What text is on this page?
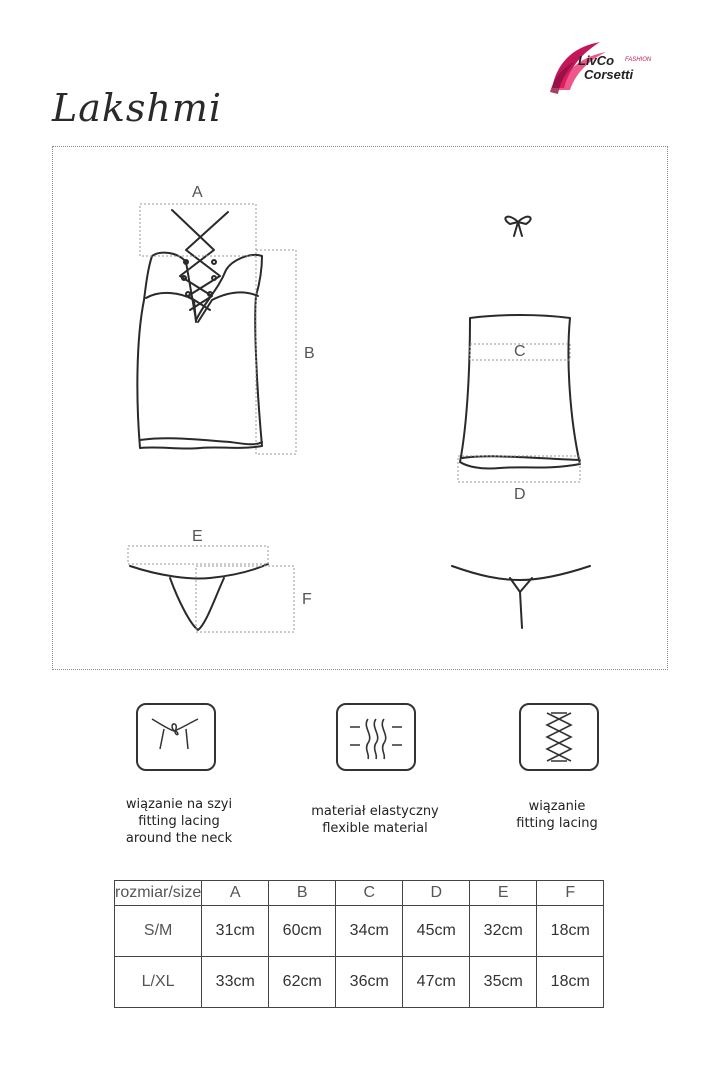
LivCo FASHION
Corsetti
Lakshmi
A
B	C
D
E
F
wiązanie na szyi
fitting lacing
around the neck
materiał elastyczny
flexible material
wiązanie
fitting lacing
rozmiar/size	A	B	C	D	E	F
S/M	31cm	60cm	34cm	45cm	32cm	18cm
L/XL	33cm	62cm	36cm	47cm	35cm	18cm
